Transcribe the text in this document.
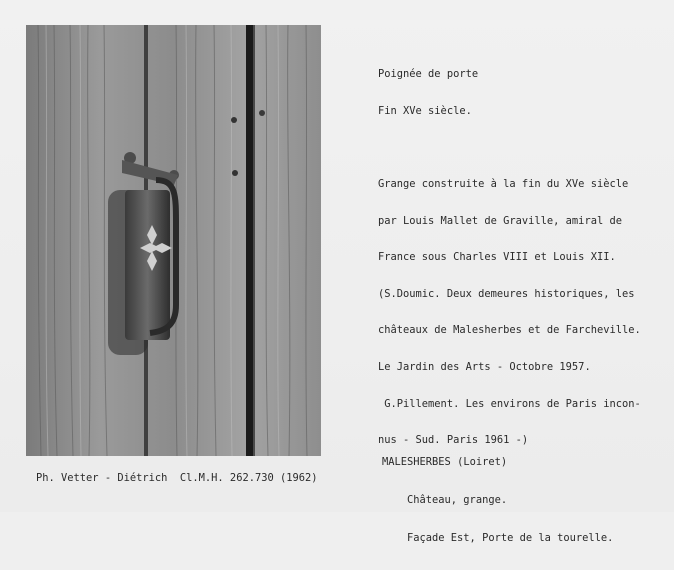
Poignée de porte

Fin XVe siècle.

Grange construite à la fin du XVe siècle

par Louis Mallet de Graville, amiral de

France sous Charles VIII et Louis XII.

(S.Doumic. Deux demeures historiques, les

châteaux de Malesherbes et de Farcheville.

Le Jardin des Arts - Octobre 1957.

G.Pillement. Les environs de Paris incon-

nus - Sud. Paris 1961 -)

MALESHERBES (Loiret)

Château, grange.

Façade Est, Porte de la tourelle.

Ph. Vetter - Diétrich Cl.M.H. 262.730 (1962)
